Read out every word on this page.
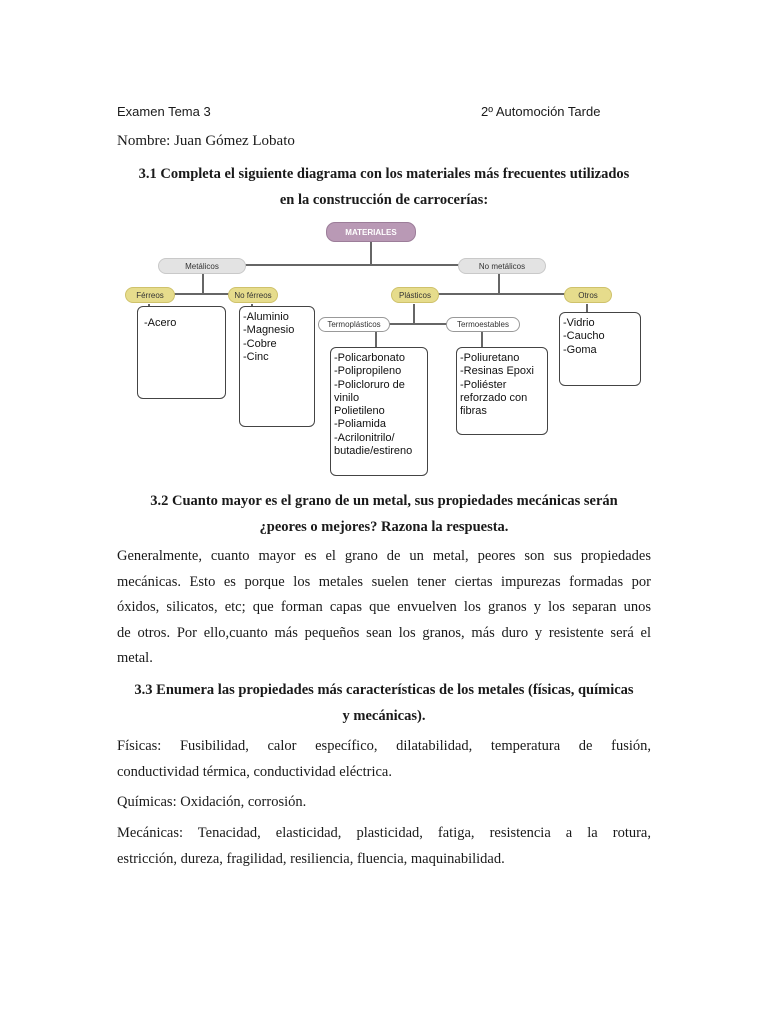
Examen Tema 3	2º Automoción Tarde
Nombre: Juan Gómez Lobato
3.1 Completa el siguiente diagrama con los materiales más frecuentes utilizados
en la construcción de carrocerías:
MATERIALES
Metálicos	No metálicos
Férreos	No férreos	Plásticos	Otros
Termoplásticos	Termoestables
-Acero	-Aluminio
-Magnesio
-Cobre
-Cinc	-Policarbonato
-Polipropileno
-Policloruro de
vinilo
Polietileno
-Poliamida
-Acrilonitrilo/
butadie/estireno
-Poliuretano
-Resinas Epoxi
-Poliéster
reforzado con
fibras
-Vidrio
-Caucho
-Goma
3.2 Cuanto mayor es el grano de un metal, sus propiedades mecánicas serán
¿peores o mejores? Razona la respuesta.
Generalmente, cuanto mayor es el grano de un metal, peores son sus propiedades
mecánicas. Esto es porque los metales suelen tener ciertas impurezas formadas por
óxidos, silicatos, etc; que forman capas que envuelven los granos y los separan unos
de otros. Por ello,cuanto más pequeños sean los granos, más duro y resistente será el
metal.
3.3 Enumera las propiedades más características de los metales (físicas, químicas
y mecánicas).
Físicas: Fusibilidad, calor específico, dilatabilidad, temperatura de fusión,
conductividad térmica, conductividad eléctrica.
Químicas: Oxidación, corrosión.
Mecánicas: Tenacidad, elasticidad, plasticidad, fatiga, resistencia a la rotura,
estricción, dureza, fragilidad, resiliencia, fluencia, maquinabilidad.
